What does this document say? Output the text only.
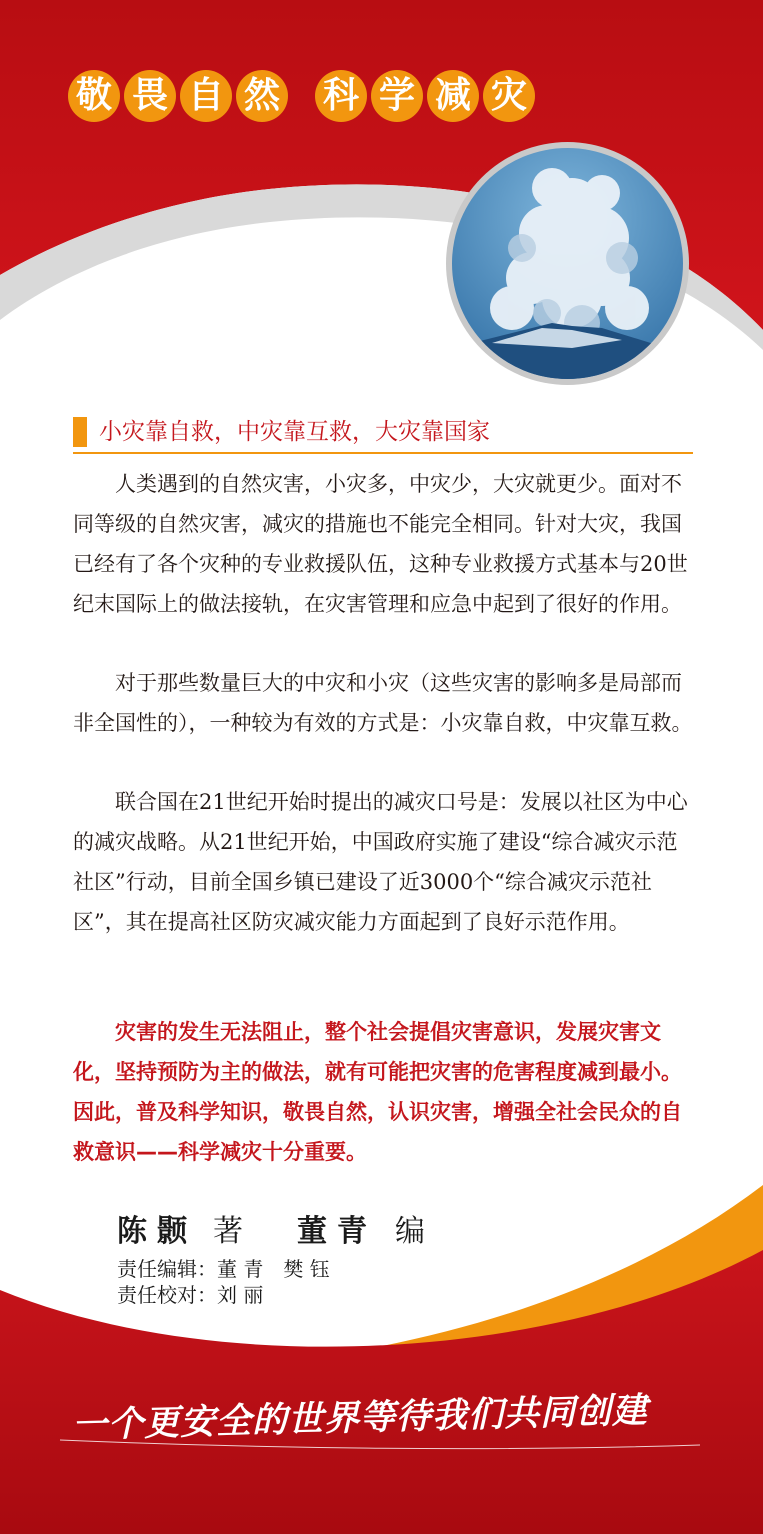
敬 畏 自 然 科 学 减 灾
小灾靠自救，中灾靠互救，大灾靠国家

人类遇到的自然灾害，小灾多，中灾少，大灾就更少。面对不同等级的自然灾害，减灾的措施也不能完全相同。针对大灾，我国已经有了各个灾种的专业救援队伍，这种专业救援方式基本与20世纪末国际上的做法接轨，在灾害管理和应急中起到了很好的作用。

对于那些数量巨大的中灾和小灾（这些灾害的影响多是局部而非全国性的），一种较为有效的方式是：小灾靠自救，中灾靠互救。

联合国在21世纪开始时提出的减灾口号是：发展以社区为中心的减灾战略。从21世纪开始，中国政府实施了建设“综合减灾示范社区”行动，目前全国乡镇已建设了近3000个“综合减灾示范社区”，其在提高社区防灾减灾能力方面起到了良好示范作用。

灾害的发生无法阻止，整个社会提倡灾害意识，发展灾害文化，坚持预防为主的做法，就有可能把灾害的危害程度减到最小。因此，普及科学知识，敬畏自然，认识灾害，增强全社会民众的自救意识——科学减灾十分重要。

陈颢 著 董青 编
责任编辑：董 青　樊 钰
责任校对：刘 丽
一个更安全的世界等待我们共同创建
